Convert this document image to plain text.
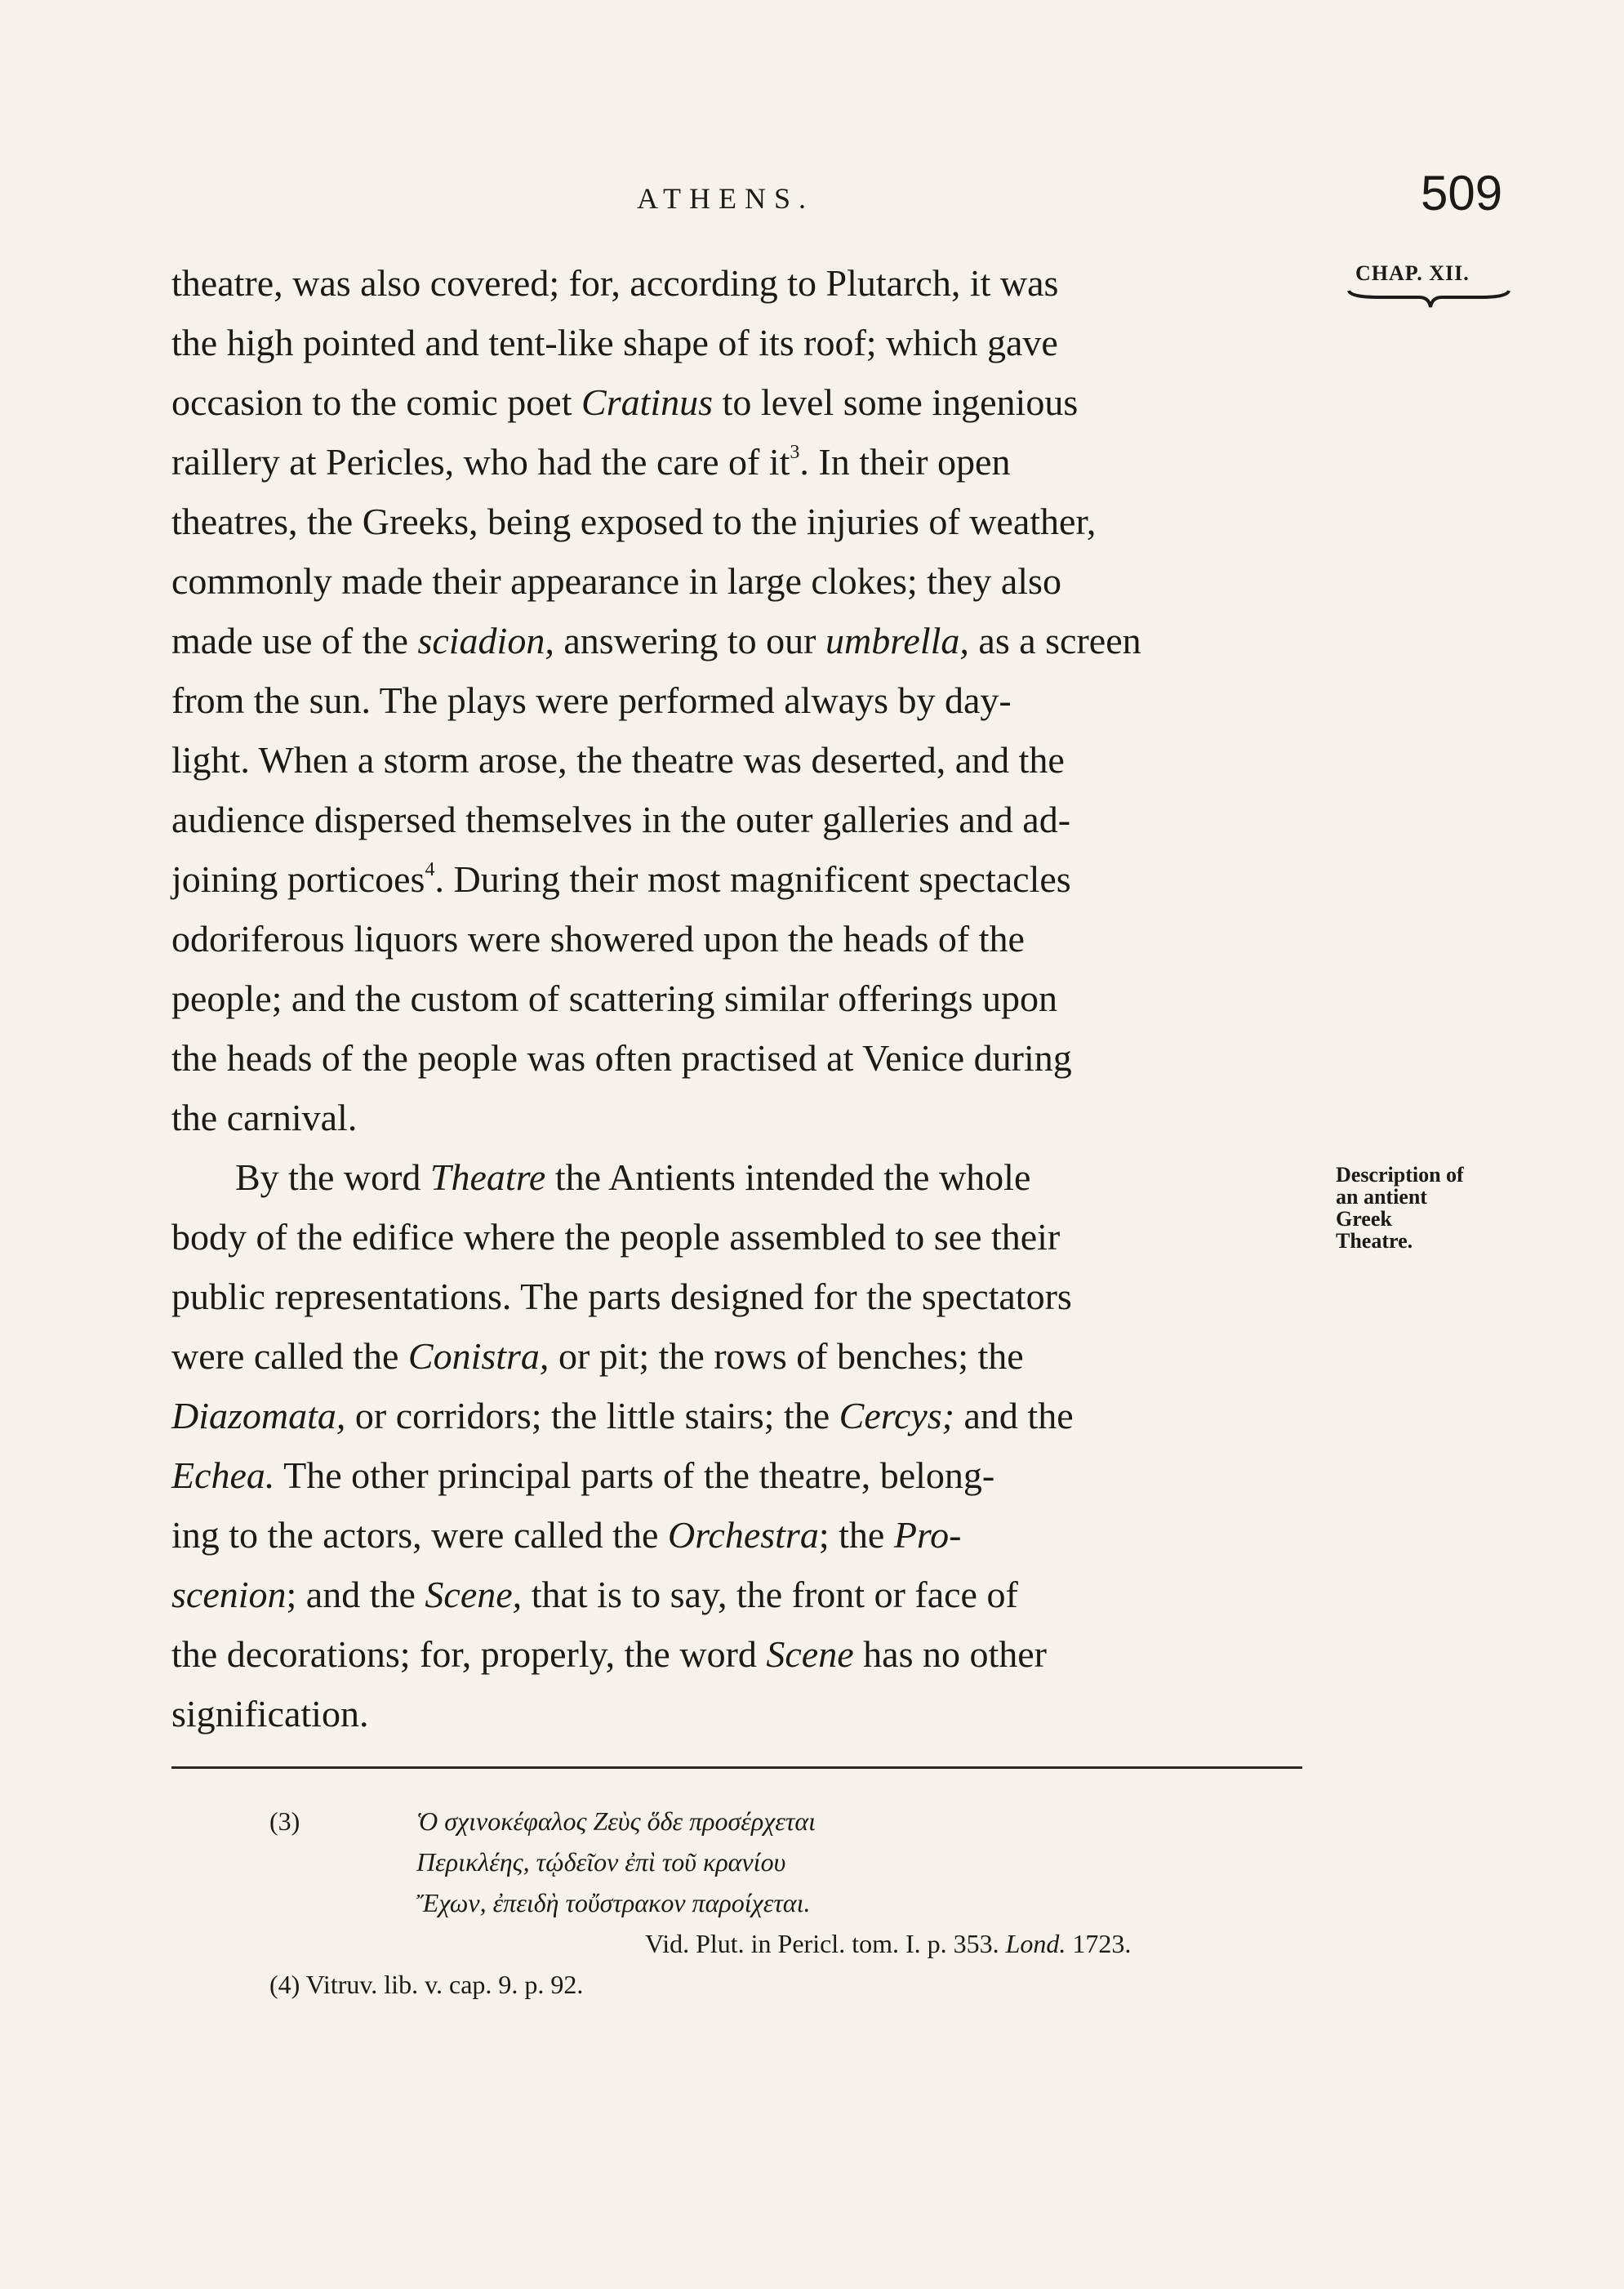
ATHENS.	509
CHAP. XII.

theatre, was also covered; for, according to Plutarch, it was
the high pointed and tent-like shape of its roof; which gave
occasion to the comic poet Cratinus to level some ingenious
raillery at Pericles, who had the care of $it^3$. In their open
theatres, the Greeks, being exposed to the injuries of weather,
commonly made their appearance in large clokes; they also
made use of the sciadion, answering to our umbrella, as a screen
from the sun. The plays were performed always by day-
light. When a storm arose, the theatre was deserted, and the
audience dispersed themselves in the outer galleries and ad-
joining porticoes$^4$. During their most magnificent spectacles
odoriferous liquors were showered upon the heads of the
people; and the custom of scattering similar offerings upon
the heads of the people was often practised at Venice during
the carnival.

By the word Theatre the Antients intended the whole
body of the edifice where the people assembled to see their
public representations. The parts designed for the spectators
were called the Conistra, or pit; the rows of benches; the
Diazomata, or corridors; the little stairs; the Cercys; and the
Echea. The other principal parts of the theatre, belong-
ing to the actors, were called the Orchestra; the Pro-
scenion; and the Scene, that is to say, the front or face of
the decorations; for, properly, the word Scene has no other

signification.

Description of
an antient
Greek
Theatre.
(3)	Ὁ σχινοκέφαλος Ζεὺς ὅδε προσέρχεται
Περικλέης, τῴδεῖον ἐπὶ τοῦ κρανίου
Ἔχων, ἐπειδὴ τοὔστρακον παροίχεται.
Vid. Plut. in Pericl. tom. I. p. 353. Lond. 1723.
(4) Vitruv. lib. v. cap. 9. p. 92.
